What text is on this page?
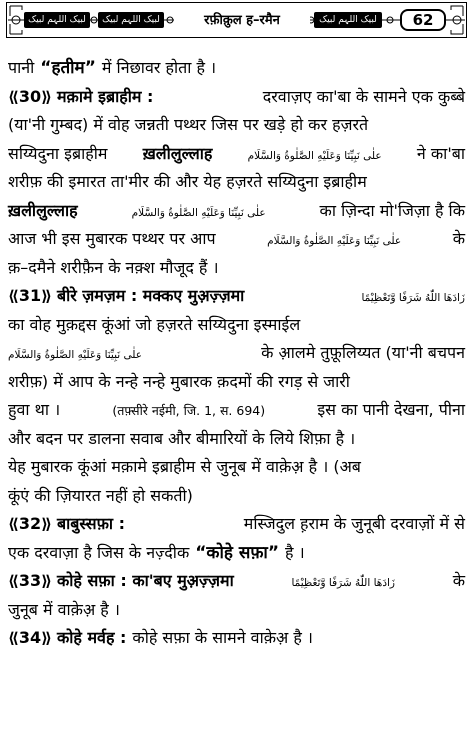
لبیک اللہم لبیک	لبیک اللہم لبیک	रफ़ीक़ुल ह–रमैन	لبیک اللہم لبیک	62
पानी “हतीम” में निछावर होता है ।
⟪30⟫ मक़ामे इब्राहीम :	दरवाज़ए का'बा के सामने एक कुब्बे
(या'नी गुम्बद) में वोह जन्नती पथ्थर जिस पर खड़े हो कर हज़रते
सय्यिदुना इब्राहीम ख़लीलुल्लाह	علٰی نَبِیِّنَا وَعَلَیْهِ الصَّلٰوةُ وَالسَّلَام ने का'बा
शरीफ़ की इमारत ता'मीर की और येह हज़रते सय्यिदुना इब्राहीम
ख़लीलुल्लाह	علٰی نَبِیِّنَا وَعَلَیْهِ الصَّلٰوةُ وَالسَّلَام	का ज़िन्दा मो'जिज़ा है कि
आज भी इस मुबारक पथ्थर पर आप	علٰی نَبِیِّنَا وَعَلَیْهِ الصَّلٰوةُ وَالسَّلَام	के
क़–दमैने शरीफ़ैन के नक़्श मौजूद हैं ।
⟪31⟫ बीरे ज़मज़म : मक्कए मुअ़ज़्ज़मा	زَادَھَا اللّٰهُ شَرَفًا وَّتَعْظِیْمًا
का वोह मुक़द्दस कूंआं जो हज़रते सय्यिदुना इस्माईल
علٰی نَبِیِّنَا وَعَلَیْهِ الصَّلٰوةُ وَالسَّلَام	के आ़लमे तुफ़ूलिय्यत (या'नी बचपन
शरीफ़) में आप के नन्हे नन्हे मुबारक क़दमों की रगड़ से जारी
हुवा था ।	(तफ़्सीरे नईमी, जि. 1, स. 694)	इस का पानी देखना, पीना
और बदन पर डालना सवाब और बीमारियों के लिये शिफ़ा है ।
येह मुबारक कूंआं मक़ामे इब्राहीम से जुनूब में वाक़ेअ़ है । (अब
कूंएं की ज़ियारत नहीं हो सकती)
⟪32⟫ बाबुस्सफ़ा :	मस्जिदुल ह़राम के जुनूबी दरवाज़ों में से
एक दरवाज़ा है जिस के नज़्दीक “कोहे सफ़ा” है ।
⟪33⟫ कोहे सफ़ा : का'बए मुअ़ज़्ज़मा	زَادَھَا اللّٰهُ شَرَفًا وَّتَعْظِیْمًا	के
जुनूब में वाक़ेअ़ है ।
⟪34⟫ कोहे मर्वह : कोहे सफ़ा के सामने वाक़ेअ़ है ।
